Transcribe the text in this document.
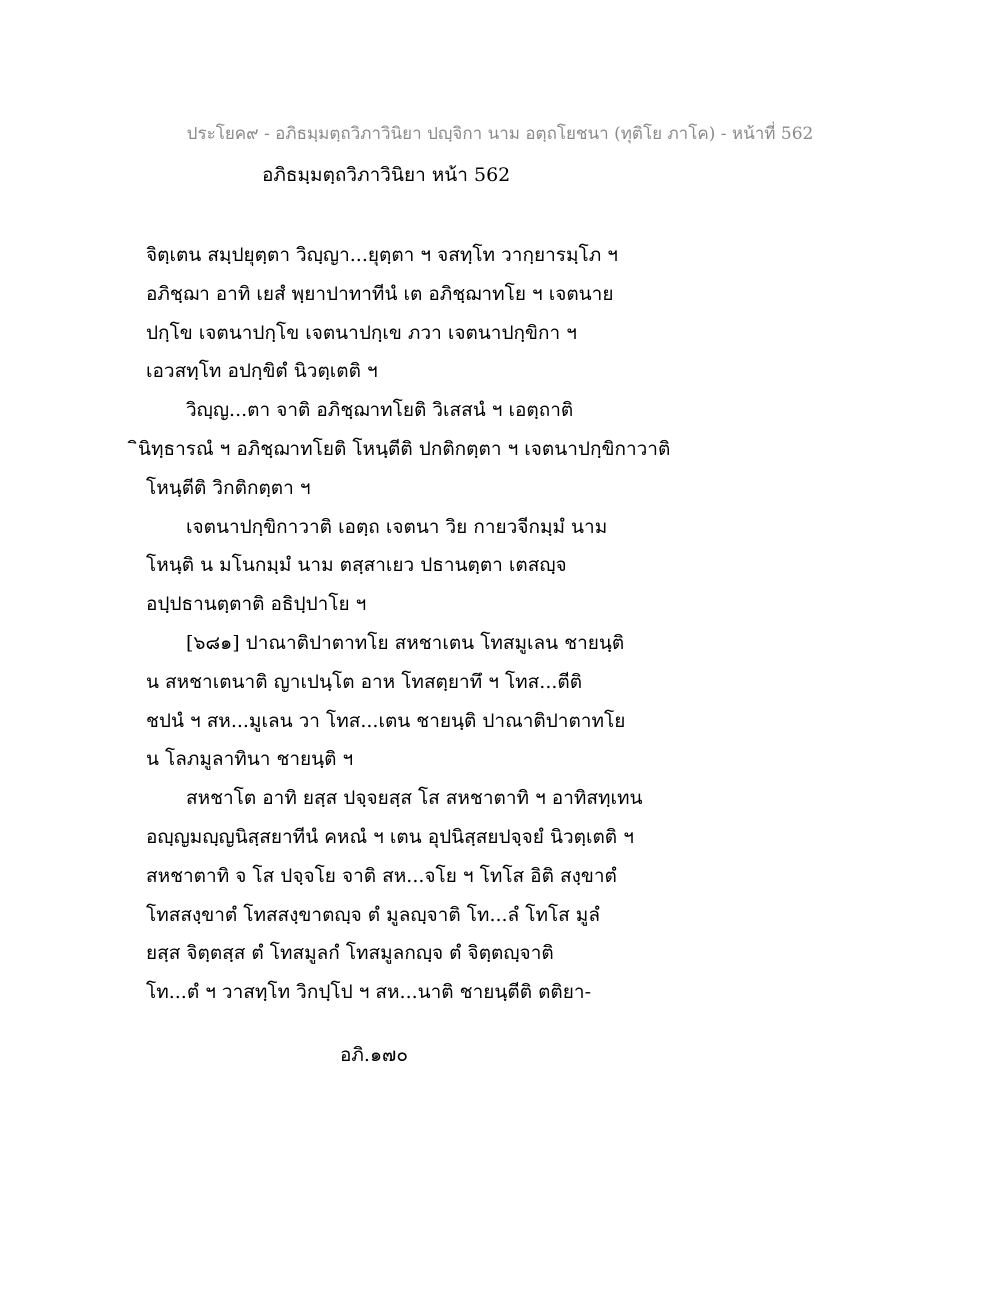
ประโยค๙ - อภิธมฺมตฺถวิภาวินิยา ปญฺจิกา นาม อตฺถโยชนา (ทุติโย ภาโค) - หน้าที่ 562
อภิธมฺมตฺถวิภาวินิยา หน้า 562
จิตฺเตน สมฺปยุตฺตา วิญฺญา...ยุตฺตา ฯ จสทฺโท วากฺยารมฺโภ ฯ
อภิชฺฌา อาทิ เยสํ พฺยาปาทาทีนํ เต อภิชฺฌาทโย ฯ เจตนาย
ปกฺโข เจตนาปกฺโข เจตนาปกฺเข ภวา เจตนาปกฺขิกา ฯ
เอวสทฺโท อปกฺขิตํ นิวตฺเตติ ฯ
วิญฺญ...ตา จาติ อภิชฺฌาทโยติ วิเสสนํ ฯ เอตฺถาติ
ินิทฺธารณํ ฯ อภิชฺฌาทโยติ โหนฺตีติ ปกติกตฺตา ฯ เจตนาปกฺขิกาวาติ
โหนฺตีติ วิกติกตฺตา ฯ
เจตนาปกฺขิกาวาติ เอตฺถ เจตนา วิย กายวจีกมฺมํ นาม
โหนฺติ น มโนกมฺมํ นาม ตสฺสาเยว ปธานตฺตา เตสญฺจ
อปฺปธานตฺตาติ อธิปฺปาโย ฯ
[๖๘๑] ปาณาติปาตาทโย สหชาเตน โทสมูเลน ชายนฺติ
น สหชาเตนาติ ญาเปนฺโต อาห โทสตฺยาทึ ฯ โทส...ตีติ
ชปนํ ฯ สห...มูเลน วา โทส...เตน ชายนฺติ ปาณาติปาตาทโย
น โลภมูลาทินา ชายนฺติ ฯ
สหชาโต อาทิ ยสฺส ปจฺจยสฺส โส สหชาตาทิ ฯ อาทิสทฺเทน
อญฺญมญฺญนิสฺสยาทีนํ คหณํ ฯ เตน อุปนิสฺสยปจฺจยํ นิวตฺเตติ ฯ
สหชาตาทิ จ โส ปจฺจโย จาติ สห...จโย ฯ โทโส อิติ สงฺขาตํ
โทสสงฺขาตํ โทสสงฺขาตญฺจ ตํ มูลญฺจาติ โท...ลํ โทโส มูลํ
ยสฺส จิตฺตสฺส ตํ โทสมูลกํ โทสมูลกญฺจ ตํ จิตฺตญฺจาติ
โท...ตํ ฯ วาสทฺโท วิกปฺโป ฯ สห...นาติ ชายนฺตีติ ตติยา-
อภิ.๑๗๐
